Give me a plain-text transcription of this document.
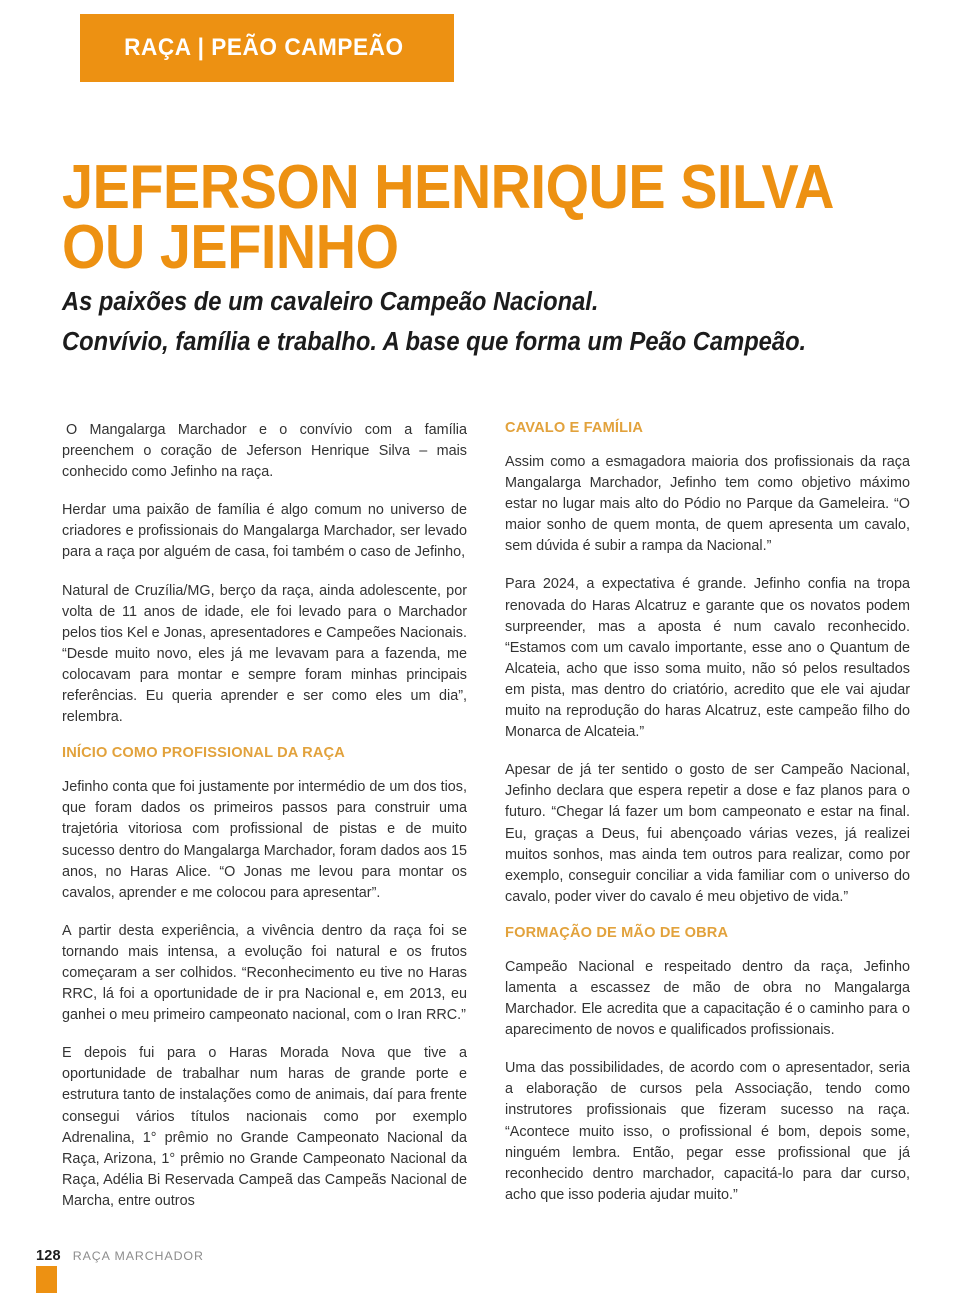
RAÇA | PEÃO CAMPEÃO
JEFERSON HENRIQUE SILVA
OU JEFINHO
As paixões de um cavaleiro Campeão Nacional.
Convívio, família e trabalho. A base que forma um Peão Campeão.

O Mangalarga Marchador e o convívio com a família preenchem o coração de Jeferson Henrique Silva – mais conhecido como Jefinho na raça.

Herdar uma paixão de família é algo comum no universo de criadores e profissionais do Mangalarga Marchador, ser levado para a raça por alguém de casa, foi também o caso de Jefinho,

Natural de Cruzília/MG, berço da raça, ainda adolescente, por volta de 11 anos de idade, ele foi levado para o Marchador pelos tios Kel e Jonas, apresentadores e Campeões Nacionais. “Desde muito novo, eles já me levavam para a fazenda, me colocavam para montar e sempre foram minhas principais referências. Eu queria aprender e ser como eles um dia”, relembra.

INÍCIO COMO PROFISSIONAL DA RAÇA

Jefinho conta que foi justamente por intermédio de um dos tios, que foram dados os primeiros passos para construir uma trajetória vitoriosa com profissional de pistas e de muito sucesso dentro do Mangalarga Marchador, foram dados aos 15 anos, no Haras Alice. “O Jonas me levou para montar os cavalos, aprender e me colocou para apresentar”.

A partir desta experiência, a vivência dentro da raça foi se tornando mais intensa, a evolução foi natural e os frutos começaram a ser colhidos. “Reconhecimento eu tive no Haras RRC, lá foi a oportunidade de ir pra Nacional e, em 2013, eu ganhei o meu primeiro campeonato nacional, com o Iran RRC.”

E depois fui para o Haras Morada Nova que tive a oportunidade de trabalhar num haras de grande porte e estrutura tanto de instalações como de animais, daí para frente consegui vários títulos nacionais como por exemplo Adrenalina, 1° prêmio no Grande Campeonato Nacional da Raça, Arizona, 1° prêmio no Grande Campeonato Nacional da Raça, Adélia Bi Reservada Campeã das Campeãs Nacional de Marcha, entre outros

CAVALO E FAMÍLIA

Assim como a esmagadora maioria dos profissionais da raça Mangalarga Marchador, Jefinho tem como objetivo máximo estar no lugar mais alto do Pódio no Parque da Gameleira. “O maior sonho de quem monta, de quem apresenta um cavalo, sem dúvida é subir a rampa da Nacional.”

Para 2024, a expectativa é grande. Jefinho confia na tropa renovada do Haras Alcatruz e garante que os novatos podem surpreender, mas a aposta é num cavalo reconhecido. “Estamos com um cavalo importante, esse ano o Quantum de Alcateia, acho que isso soma muito, não só pelos resultados em pista, mas dentro do criatório, acredito que ele vai ajudar muito na reprodução do haras Alcatruz, este campeão filho do Monarca de Alcateia.”

Apesar de já ter sentido o gosto de ser Campeão Nacional, Jefinho declara que espera repetir a dose e faz planos para o futuro. “Chegar lá fazer um bom campeonato e estar na final. Eu, graças a Deus, fui abençoado várias vezes, já realizei muitos sonhos, mas ainda tem outros para realizar, como por exemplo, conseguir conciliar a vida familiar com o universo do cavalo, poder viver do cavalo é meu objetivo de vida.”

FORMAÇÃO DE MÃO DE OBRA

Campeão Nacional e respeitado dentro da raça, Jefinho lamenta a escassez de mão de obra no Mangalarga Marchador. Ele acredita que a capacitação é o caminho para o aparecimento de novos e qualificados profissionais.

Uma das possibilidades, de acordo com o apresentador, seria a elaboração de cursos pela Associação, tendo como instrutores profissionais que fizeram sucesso na raça. “Acontece muito isso, o profissional é bom, depois some, ninguém lembra. Então, pegar esse profissional que já reconhecido dentro marchador, capacitá-lo para dar curso, acho que isso poderia ajudar muito.”

128 RAÇA MARCHADOR
